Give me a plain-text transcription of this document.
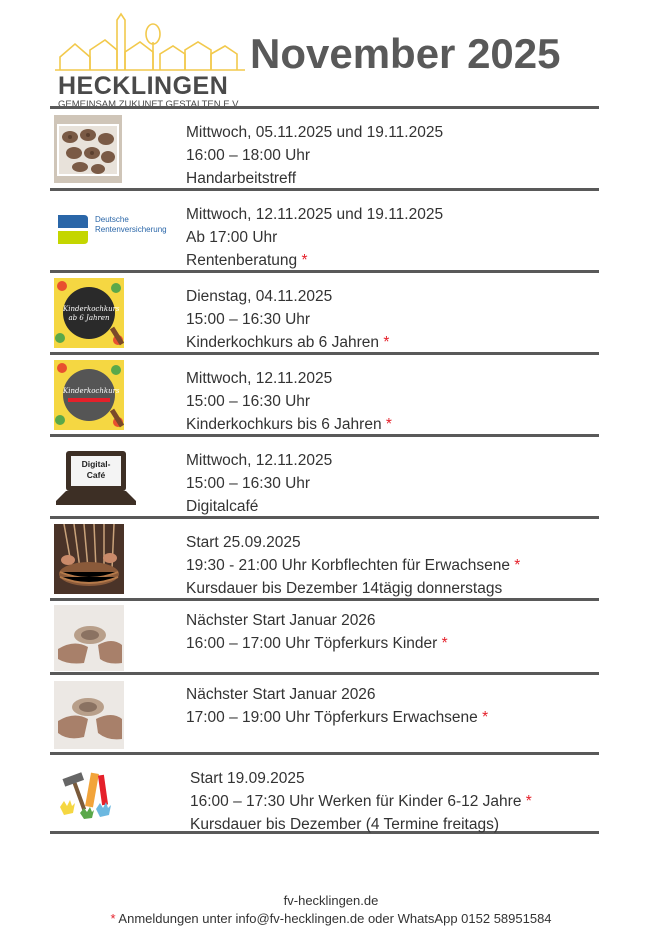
HECKLINGEN
GEMEINSAM ZUKUNFT GESTALTEN E.V.
November 2025
Mittwoch, 05.11.2025 und 19.11.2025
16:00 – 18:00 Uhr
Handarbeitstreff
Deutsche
Rentenversicherung
Mittwoch, 12.11.2025 und 19.11.2025
Ab 17:00 Uhr
Rentenberatung *
Kinderkochkurs
ab 6 Jahren
Dienstag, 04.11.2025
15:00 – 16:30 Uhr
Kinderkochkurs ab 6 Jahren *
Kinderkochkurs
Mittwoch, 12.11.2025
15:00 – 16:30 Uhr
Kinderkochkurs bis 6 Jahren *
Digital-
Café
Mittwoch, 12.11.2025
15:00 – 16:30 Uhr
Digitalcafé
Start 25.09.2025
19:30 - 21:00 Uhr Korbflechten für Erwachsene *
Kursdauer bis Dezember 14tägig donnerstags
Nächster Start Januar 2026
16:00 – 17:00 Uhr Töpferkurs Kinder *
Nächster Start Januar 2026
17:00 – 19:00 Uhr Töpferkurs Erwachsene *
Start 19.09.2025
16:00 – 17:30 Uhr Werken für Kinder 6-12 Jahre *
Kursdauer bis Dezember (4 Termine freitags)
fv-hecklingen.de
* Anmeldungen unter info@fv-hecklingen.de oder WhatsApp 0152 58951584
